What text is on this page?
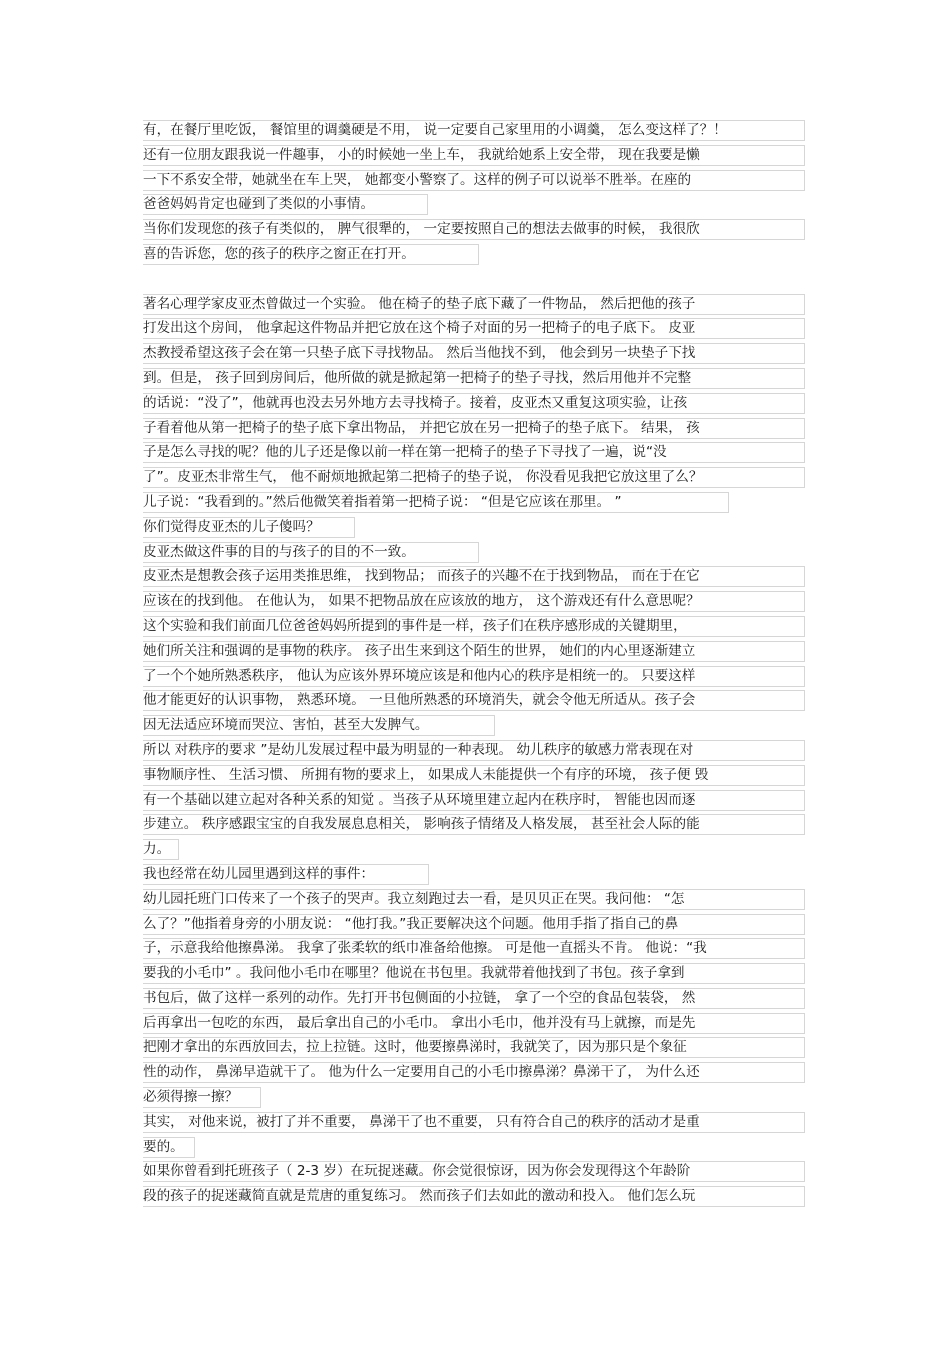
有，在餐厅里吃饭， 餐馆里的调羹硬是不用， 说一定要自己家里用的小调羹， 怎么变这样了？！
还有一位朋友跟我说一件趣事， 小的时候她一坐上车， 我就给她系上安全带， 现在我要是懒
一下不系安全带，她就坐在车上哭， 她都变小警察了。这样的例子可以说举不胜举。在座的
爸爸妈妈肯定也碰到了类似的小事情。
当你们发现您的孩子有类似的， 脾气很犟的， 一定要按照自己的想法去做事的时候， 我很欣
喜的告诉您，您的孩子的秩序之窗正在打开。
著名心理学家皮亚杰曾做过一个实验。 他在椅子的垫子底下藏了一件物品， 然后把他的孩子
打发出这个房间， 他拿起这件物品并把它放在这个椅子对面的另一把椅子的电子底下。 皮亚
杰教授希望这孩子会在第一只垫子底下寻找物品。 然后当他找不到， 他会到另一块垫子下找
到。但是， 孩子回到房间后，他所做的就是掀起第一把椅子的垫子寻找，然后用他并不完整
的话说：“没了”，他就再也没去另外地方去寻找椅子。接着，皮亚杰又重复这项实验，让孩
子看着他从第一把椅子的垫子底下拿出物品， 并把它放在另一把椅子的垫子底下。 结果， 孩
子是怎么寻找的呢？他的儿子还是像以前一样在第一把椅子的垫子下寻找了一遍，说“没
了”。皮亚杰非常生气， 他不耐烦地掀起第二把椅子的垫子说， 你没看见我把它放这里了么？
儿子说：“我看到的。”然后他微笑着指着第一把椅子说： “但是它应该在那里。 ”
你们觉得皮亚杰的儿子傻吗？
皮亚杰做这件事的目的与孩子的目的不一致。
皮亚杰是想教会孩子运用类推思维， 找到物品； 而孩子的兴趣不在于找到物品， 而在于在它
应该在的找到他。 在他认为， 如果不把物品放在应该放的地方， 这个游戏还有什么意思呢？
这个实验和我们前面几位爸爸妈妈所提到的事件是一样，孩子们在秩序感形成的关键期里，
她们所关注和强调的是事物的秩序。 孩子出生来到这个陌生的世界， 她们的内心里逐渐建立
了一个个她所熟悉秩序， 他认为应该外界环境应该是和他内心的秩序是相统一的。 只要这样
他才能更好的认识事物， 熟悉环境。 一旦他所熟悉的环境消失，就会令他无所适从。孩子会
因无法适应环境而哭泣、害怕，甚至大发脾气。
所以 对秩序的要求 ”是幼儿发展过程中最为明显的一种表现。 幼儿秩序的敏感力常表现在对
事物顺序性、 生活习惯、 所拥有物的要求上， 如果成人未能提供一个有序的环境， 孩子便 毁
有一个基础以建立起对各种关系的知觉 。当孩子从环境里建立起内在秩序时， 智能也因而逐
步建立。 秩序感跟宝宝的自我发展息息相关， 影响孩子情绪及人格发展， 甚至社会人际的能
力。
我也经常在幼儿园里遇到这样的事件：
幼儿园托班门口传来了一个孩子的哭声。我立刻跑过去一看，是贝贝正在哭。我问他： “怎
么了？”他指着身旁的小朋友说： “他打我。”我正要解决这个问题。他用手指了指自己的鼻
子，示意我给他擦鼻涕。 我拿了张柔软的纸巾准备给他擦。 可是他一直摇头不肯。 他说：“我
要我的小毛巾” 。我问他小毛巾在哪里？他说在书包里。我就带着他找到了书包。孩子拿到
书包后，做了这样一系列的动作。先打开书包侧面的小拉链， 拿了一个空的食品包装袋， 然
后再拿出一包吃的东西， 最后拿出自己的小毛巾。 拿出小毛巾，他并没有马上就擦，而是先
把刚才拿出的东西放回去，拉上拉链。这时，他要擦鼻涕时，我就笑了，因为那只是个象征
性的动作， 鼻涕早造就干了。 他为什么一定要用自己的小毛巾擦鼻涕？鼻涕干了， 为什么还
必须得擦一擦？
其实， 对他来说，被打了并不重要， 鼻涕干了也不重要， 只有符合自己的秩序的活动才是重
要的。
如果你曾看到托班孩子（ 2-3 岁）在玩捉迷藏。你会觉很惊讶，因为你会发现得这个年龄阶
段的孩子的捉迷藏简直就是荒唐的重复练习。 然而孩子们去如此的激动和投入。 他们怎么玩
